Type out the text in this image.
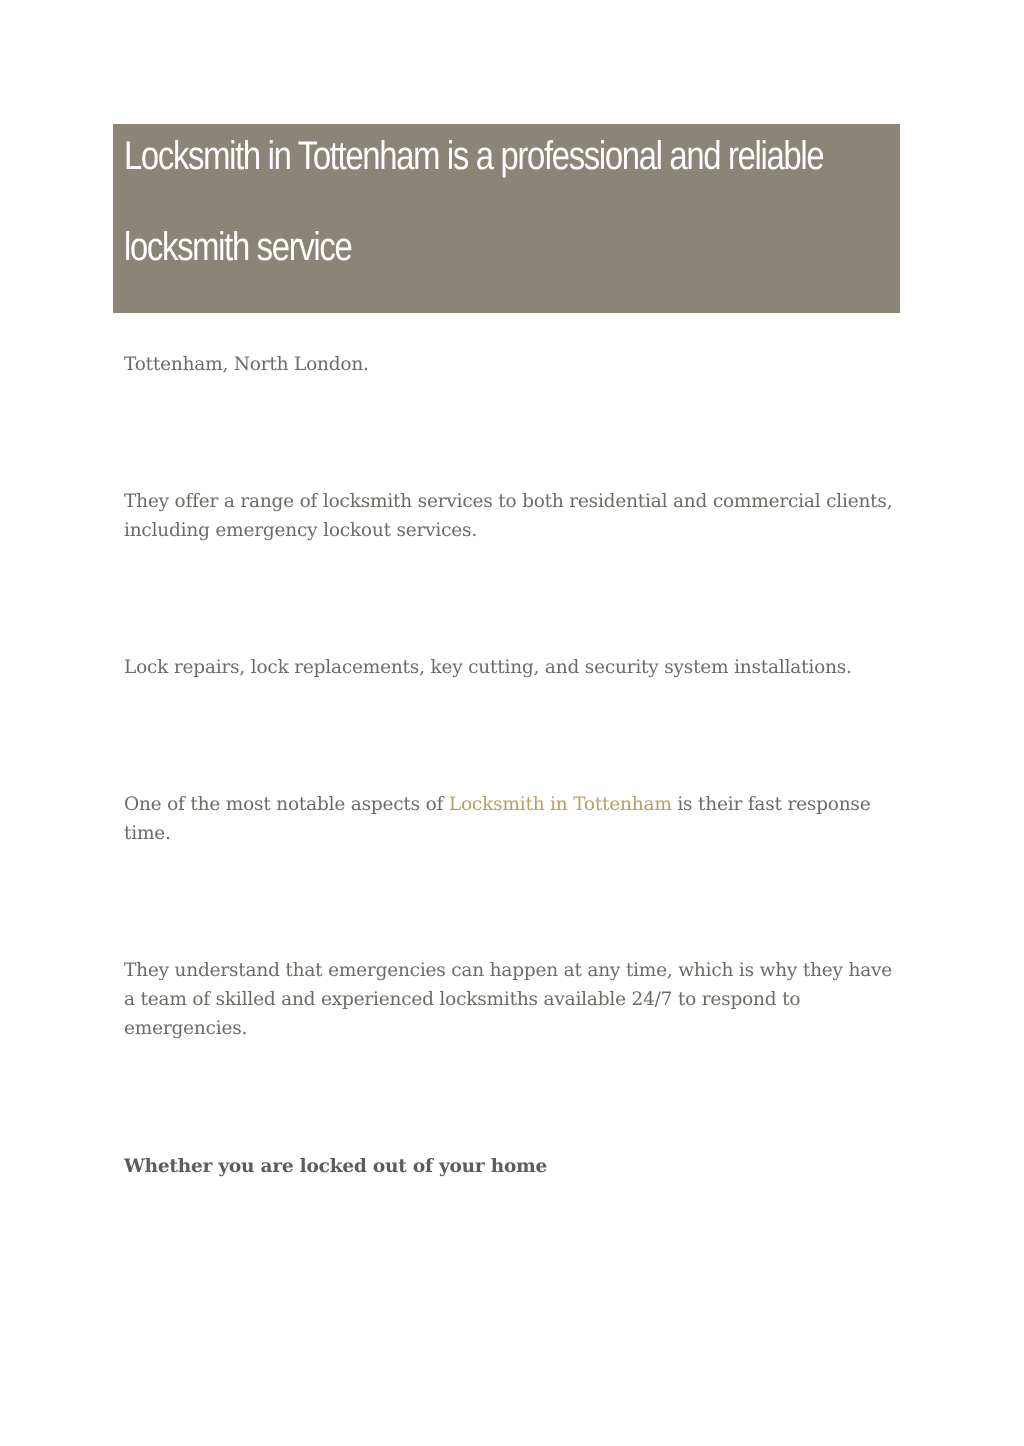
Locksmith in Tottenham is a professional and reliable locksmith service

Tottenham, North London.

They offer a range of locksmith services to both residential and commercial clients, including emergency lockout services.

Lock repairs, lock replacements, key cutting, and security system installations.

One of the most notable aspects of Locksmith in Tottenham is their fast response time.

They understand that emergencies can happen at any time, which is why they have a team of skilled and experienced locksmiths available 24/7 to respond to emergencies.

Whether you are locked out of your home
